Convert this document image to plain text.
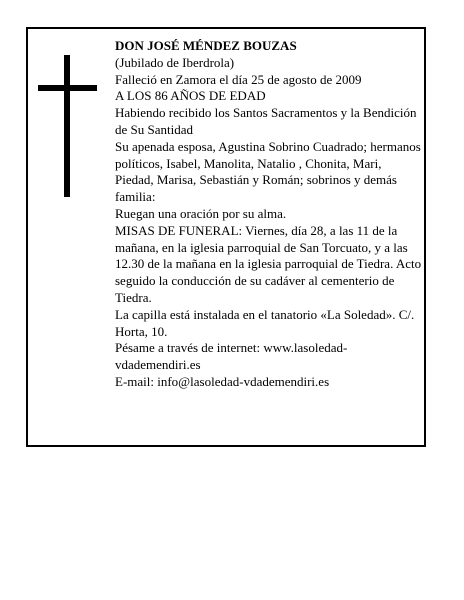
DON JOSÉ MÉNDEZ BOUZAS

(Jubilado de Iberdrola)

Falleció en Zamora el día 25 de agosto de 2009

A LOS 86 AÑOS DE EDAD

Habiendo recibido los Santos Sacramentos y la Bendición de Su Santidad

Su apenada esposa, Agustina Sobrino Cuadrado; hermanos políticos, Isabel, Manolita, Natalio , Chonita, Mari, Piedad, Marisa, Sebastián y Román; sobrinos y demás familia:

Ruegan una oración por su alma.

MISAS DE FUNERAL: Viernes, día 28, a las 11 de la mañana, en la iglesia parroquial de San Torcuato, y a las 12.30 de la mañana en la iglesia parroquial de Tiedra. Acto seguido la conducción de su cadáver al cementerio de Tiedra.

La capilla está instalada en el tanatorio «La Soledad». C/. Horta, 10.

Pésame a través de internet: www.lasoledad-vdademendiri.es

E-mail: info@lasoledad-vdademendiri.es
